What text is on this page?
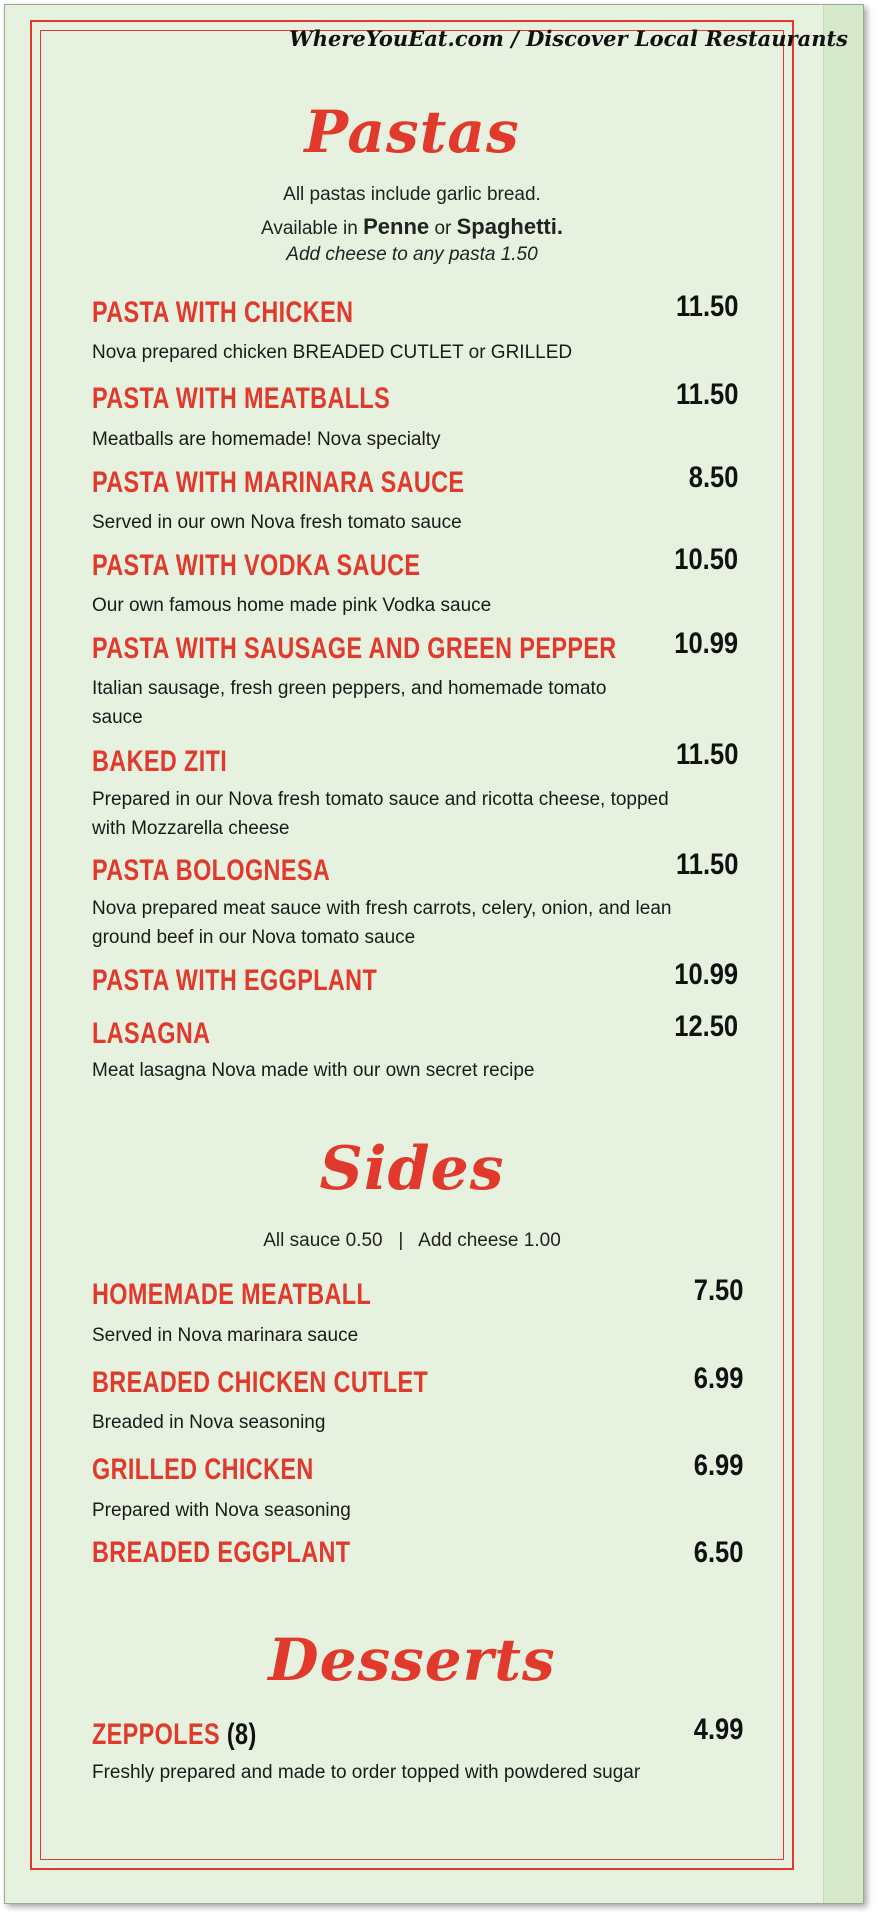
WhereYouEat.com / Discover Local Restaurants
Pastas
All pastas include garlic bread.
Available in Penne or Spaghetti.
Add cheese to any pasta 1.50
PASTA WITH CHICKEN	11.50
Nova prepared chicken BREADED CUTLET or GRILLED
PASTA WITH MEATBALLS	11.50
Meatballs are homemade! Nova specialty
PASTA WITH MARINARA SAUCE	8.50
Served in our own Nova fresh tomato sauce
PASTA WITH VODKA SAUCE	10.50
Our own famous home made pink Vodka sauce
PASTA WITH SAUSAGE AND GREEN PEPPER 10.99
Italian sausage, fresh green peppers, and homemade tomato sauce
BAKED ZITI	11.50
Prepared in our Nova fresh tomato sauce and ricotta cheese, topped with Mozzarella cheese
PASTA BOLOGNESA	11.50
Nova prepared meat sauce with fresh carrots, celery, onion, and lean ground beef in our Nova tomato sauce
PASTA WITH EGGPLANT	10.99
LASAGNA	12.50
Meat lasagna Nova made with our own secret recipe
Sides
All sauce 0.50   |   Add cheese 1.00
HOMEMADE MEATBALL	7.50
Served in Nova marinara sauce
BREADED CHICKEN CUTLET	6.99
Breaded in Nova seasoning
GRILLED CHICKEN	6.99
Prepared with Nova seasoning
BREADED EGGPLANT	6.50
Desserts
ZEPPOLES (8)	4.99
Freshly prepared and made to order topped with powdered sugar
